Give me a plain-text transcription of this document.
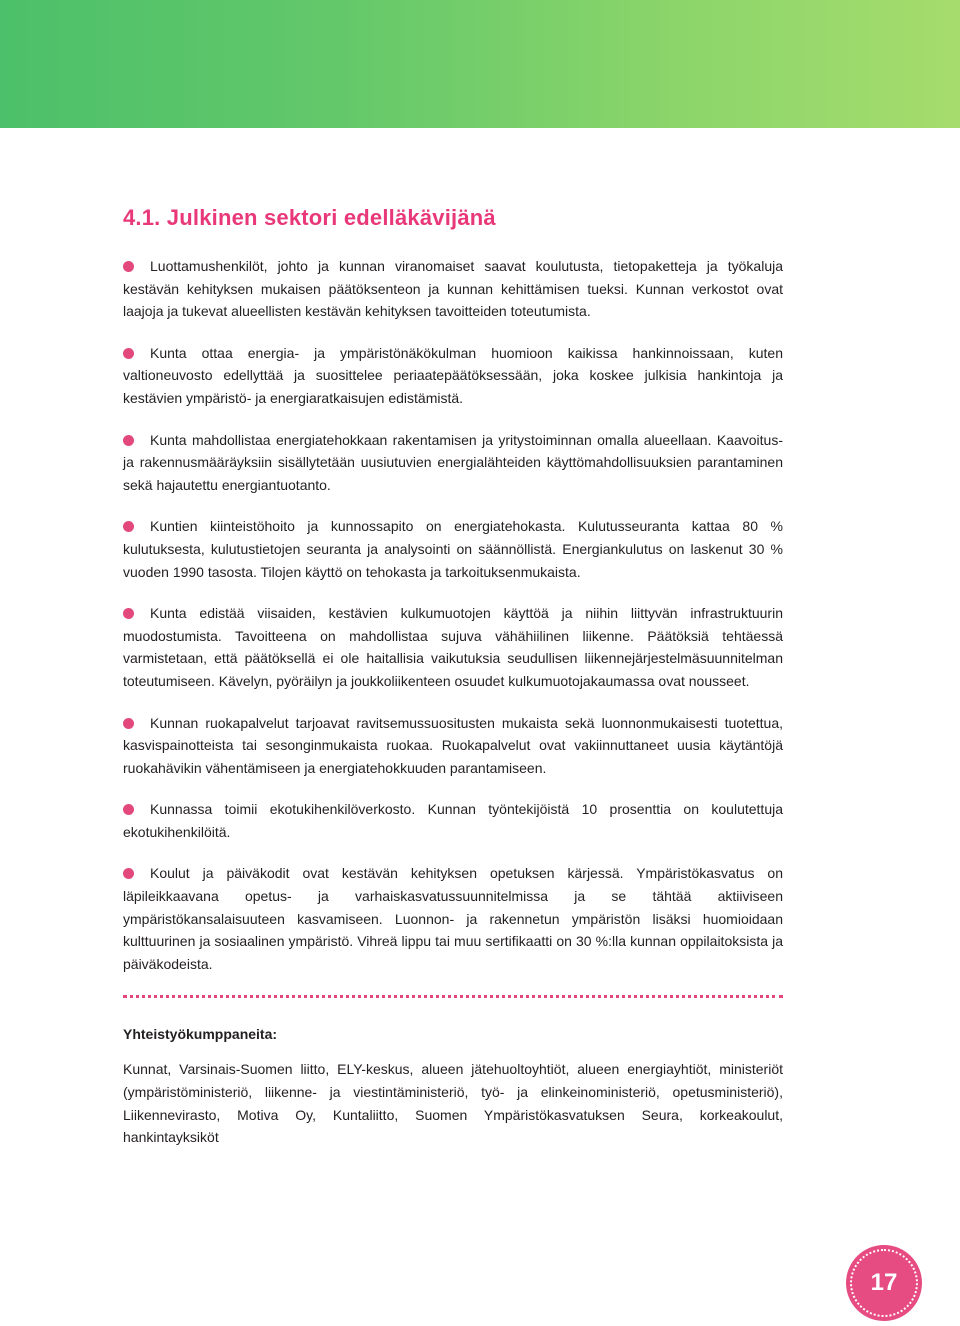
4.1. Julkinen sektori edelläkävijänä

Luottamushenkilöt, johto ja kunnan viranomaiset saavat koulutusta, tietopaketteja ja työkaluja kestävän kehityksen mukaisen päätöksenteon ja kunnan kehittämisen tueksi. Kunnan verkostot ovat laajoja ja tukevat alueellisten kestävän kehityksen tavoitteiden toteutumista.

Kunta ottaa energia- ja ympäristönäkökulman huomioon kaikissa hankinnoissaan, kuten valtioneuvosto edellyttää ja suosittelee periaatepäätöksessään, joka koskee julkisia hankintoja ja kestävien ympäristö- ja energiaratkaisujen edistämistä.

Kunta mahdollistaa energiatehokkaan rakentamisen ja yritystoiminnan omalla alueellaan. Kaavoitus- ja rakennusmääräyksiin sisällytetään uusiutuvien energialähteiden käyttömahdollisuuksien parantaminen sekä hajautettu energiantuotanto.

Kuntien kiinteistöhoito ja kunnossapito on energiatehokasta. Kulutusseuranta kattaa 80 % kulutuksesta, kulutustietojen seuranta ja analysointi on säännöllistä. Energiankulutus on laskenut 30 % vuoden 1990 tasosta. Tilojen käyttö on tehokasta ja tarkoituksenmukaista.

Kunta edistää viisaiden, kestävien kulkumuotojen käyttöä ja niihin liittyvän infrastruktuurin muodostumista. Tavoitteena on mahdollistaa sujuva vähähiilinen liikenne. Päätöksiä tehtäessä varmistetaan, että päätöksellä ei ole haitallisia vaikutuksia seudullisen liikennejärjestelmäsuunnitelman toteutumiseen. Kävelyn, pyöräilyn ja joukkoliikenteen osuudet kulkumuotojakaumassa ovat nousseet.

Kunnan ruokapalvelut tarjoavat ravitsemussuositusten mukaista sekä luonnonmukaisesti tuotettua, kasvispainotteista tai sesonginmukaista ruokaa. Ruokapalvelut ovat vakiinnuttaneet uusia käytäntöjä ruokahävikin vähentämiseen ja energiatehokkuuden parantamiseen.

Kunnassa toimii ekotukihenkilöverkosto. Kunnan työntekijöistä 10 prosenttia on koulutettuja ekotukihenkilöitä.

Koulut ja päiväkodit ovat kestävän kehityksen opetuksen kärjessä. Ympäristökasvatus on läpileikkaavana opetus- ja varhaiskasvatussuunnitelmissa ja se tähtää aktiiviseen ympäristökansalaisuuteen kasvamiseen. Luonnon- ja rakennetun ympäristön lisäksi huomioidaan kulttuurinen ja sosiaalinen ympäristö. Vihreä lippu tai muu sertifikaatti on 30 %:lla kunnan oppilaitoksista ja päiväkodeista.

Yhteistyökumppaneita:

Kunnat, Varsinais-Suomen liitto, ELY-keskus, alueen jätehuoltoyhtiöt, alueen energiayhtiöt, ministeriöt (ympäristöministeriö, liikenne- ja viestintäministeriö, työ- ja elinkeinoministeriö, opetusministeriö), Liikennevirasto, Motiva Oy, Kuntaliitto, Suomen Ympäristökasvatuksen Seura, korkeakoulut, hankintayksiköt

17
